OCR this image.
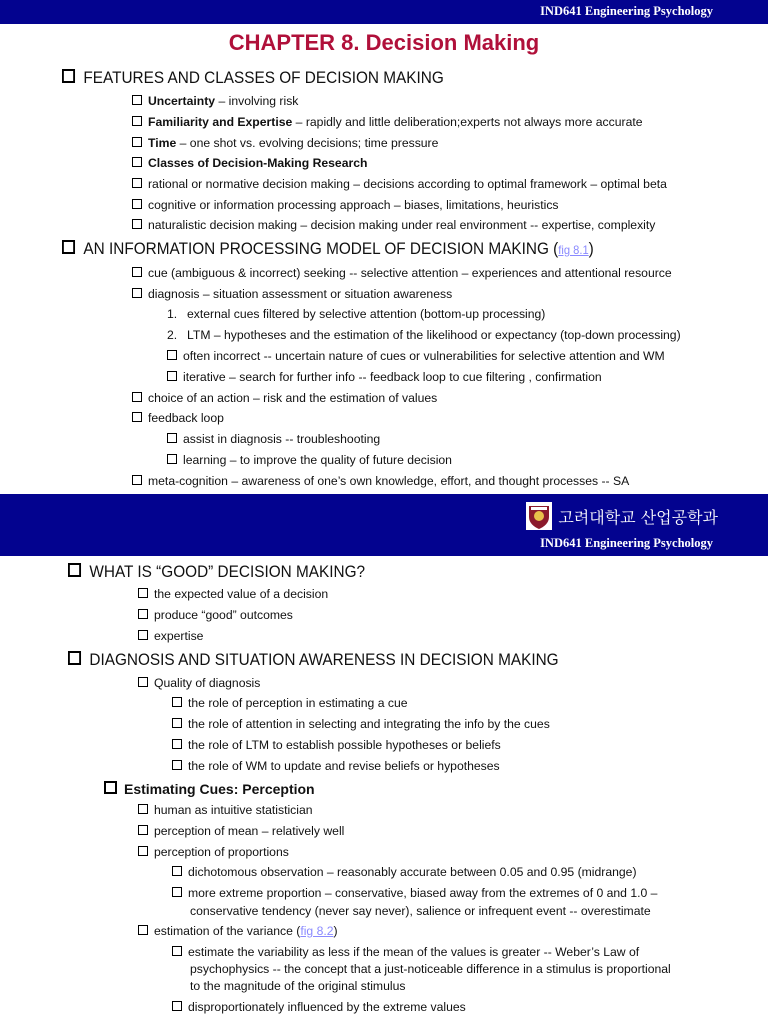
IND641 Engineering Psychology
CHAPTER 8. Decision Making
FEATURES AND CLASSES OF DECISION MAKING
Uncertainty – involving risk
Familiarity and Expertise – rapidly and little deliberation;experts not always more accurate
Time – one shot vs. evolving decisions; time pressure
Classes of Decision-Making Research
rational or normative decision making – decisions according to optimal framework – optimal beta
cognitive or information processing approach – biases, limitations, heuristics
naturalistic decision making – decision making under real environment -- expertise, complexity
AN INFORMATION PROCESSING MODEL OF DECISION MAKING (fig 8.1)
cue (ambiguous & incorrect) seeking -- selective attention – experiences and attentional resource
diagnosis – situation assessment or situation awareness
1. external cues filtered by selective attention (bottom-up processing)
2. LTM – hypotheses and the estimation of the likelihood or expectancy (top-down processing)
often incorrect -- uncertain nature of cues or vulnerabilities for selective attention and WM
iterative – search for further info -- feedback loop to cue filtering , confirmation
choice of an action – risk and the estimation of values
feedback loop
assist in diagnosis -- troubleshooting
learning – to improve the quality of future decision
meta-cognition – awareness of one’s own knowledge, effort, and thought processes -- SA
고려대학교 산업공학과
IND641 Engineering Psychology
WHAT IS “GOOD” DECISION MAKING?
the expected value of a decision
produce “good” outcomes
expertise
DIAGNOSIS AND SITUATION AWARENESS IN DECISION MAKING
Quality of diagnosis
the role of perception in estimating a cue
the role of attention in selecting and integrating the info by the cues
the role of LTM to establish possible hypotheses or beliefs
the role of WM to update and revise beliefs or hypotheses
Estimating Cues: Perception
human as intuitive statistician
perception of mean – relatively well
perception of proportions
dichotomous observation – reasonably accurate between 0.05 and 0.95 (midrange)
more extreme proportion – conservative, biased away from the extremes of 0 and 1.0 –
conservative tendency (never say never), salience or infrequent event -- overestimate
estimation of the variance (fig 8.2)
estimate the variability as less if the mean of the values is greater -- Weber’s Law of
psychophysics -- the concept that a just-noticeable difference in a stimulus is proportional
to the magnitude of the original stimulus
disproportionately influenced by the extreme values
